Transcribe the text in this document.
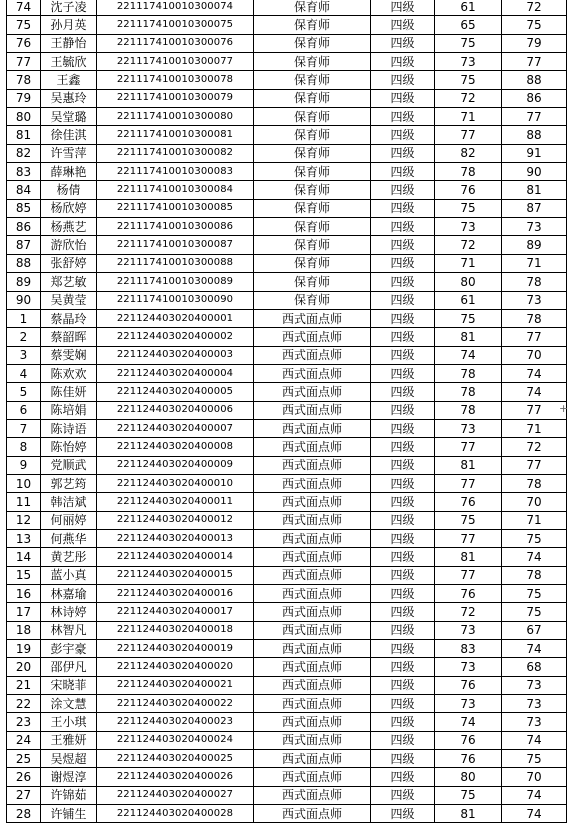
74	沈子凌	221117410010300074	保育师	四级	61	72
75	孙月英	221117410010300075	保育师	四级	65	75
76	王静怡	221117410010300076	保育师	四级	75	79
77	王毓欣	221117410010300077	保育师	四级	73	77
78	王鑫	221117410010300078	保育师	四级	75	88
79	吴惠玲	221117410010300079	保育师	四级	72	86
80	吴堂璐	221117410010300080	保育师	四级	71	77
81	徐佳淇	221117410010300081	保育师	四级	77	88
82	许雪萍	221117410010300082	保育师	四级	82	91
83	薛琳艳	221117410010300083	保育师	四级	78	90
84	杨倩	221117410010300084	保育师	四级	76	81
85	杨欣婷	221117410010300085	保育师	四级	75	87
86	杨燕艺	221117410010300086	保育师	四级	73	73
87	游欣怡	221117410010300087	保育师	四级	72	89
88	张舒婷	221117410010300088	保育师	四级	71	71
89	郑艺敏	221117410010300089	保育师	四级	80	78
90	吴黄莹	221117410010300090	保育师	四级	61	73
1	蔡晶玲	221124403020400001	西式面点师	四级	75	78
2	蔡韶晖	221124403020400002	西式面点师	四级	81	77
3	蔡雯娴	221124403020400003	西式面点师	四级	74	70
4	陈欢欢	221124403020400004	西式面点师	四级	78	74
5	陈佳妍	221124403020400005	西式面点师	四级	78	74
6	陈培娟	221124403020400006	西式面点师	四级	78	77
7	陈诗语	221124403020400007	西式面点师	四级	73	71
8	陈怡婷	221124403020400008	西式面点师	四级	77	72
9	党顺武	221124403020400009	西式面点师	四级	81	77
10	郭艺筠	221124403020400010	西式面点师	四级	77	78
11	韩洁斌	221124403020400011	西式面点师	四级	76	70
12	何丽婷	221124403020400012	西式面点师	四级	75	71
13	何燕华	221124403020400013	西式面点师	四级	77	75
14	黄艺彤	221124403020400014	西式面点师	四级	81	74
15	蓝小真	221124403020400015	西式面点师	四级	77	78
16	林嘉瑜	221124403020400016	西式面点师	四级	76	75
17	林诗婷	221124403020400017	西式面点师	四级	72	75
18	林智凡	221124403020400018	西式面点师	四级	73	67
19	彭宇豪	221124403020400019	西式面点师	四级	83	74
20	邵伊凡	221124403020400020	西式面点师	四级	73	68
21	宋晓菲	221124403020400021	西式面点师	四级	76	73
22	涂文慧	221124403020400022	西式面点师	四级	73	73
23	王小琪	221124403020400023	西式面点师	四级	74	73
24	王雅妍	221124403020400024	西式面点师	四级	76	74
25	吴煜超	221124403020400025	西式面点师	四级	76	75
26	谢煜淳	221124403020400026	西式面点师	四级	80	70
27	许锦茹	221124403020400027	西式面点师	四级	75	74
28	许铺生	221124403020400028	西式面点师	四级	81	74
+
